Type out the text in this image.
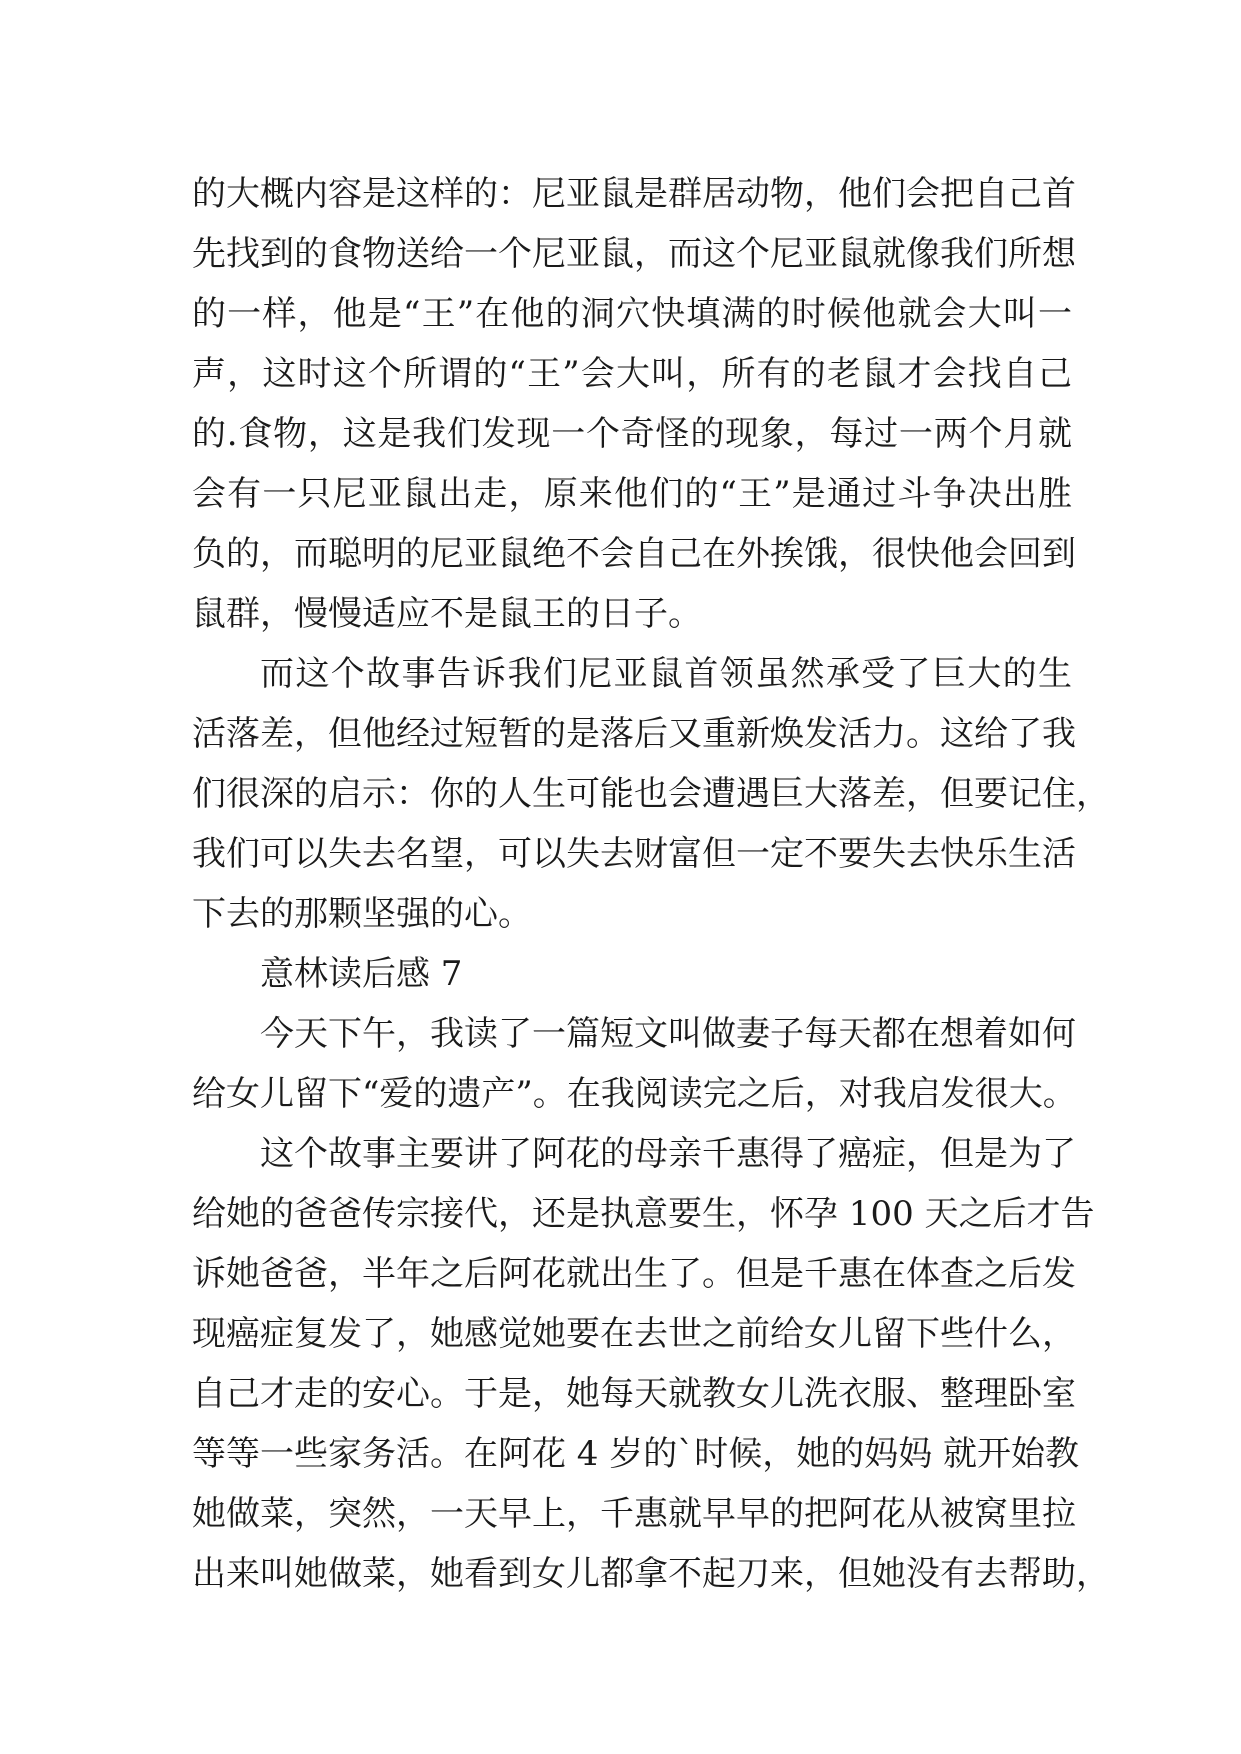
的大概内容是这样的：尼亚鼠是群居动物，他们会把自己首
先找到的食物送给一个尼亚鼠，而这个尼亚鼠就像我们所想
的一样，他是“王”在他的洞穴快填满的时候他就会大叫一
声，这时这个所谓的“王”会大叫，所有的老鼠才会找自己
的.食物，这是我们发现一个奇怪的现象，每过一两个月就
会有一只尼亚鼠出走，原来他们的“王”是通过斗争决出胜
负的，而聪明的尼亚鼠绝不会自己在外挨饿，很快他会回到
鼠群，慢慢适应不是鼠王的日子。
而这个故事告诉我们尼亚鼠首领虽然承受了巨大的生
活落差，但他经过短暂的是落后又重新焕发活力。这给了我
们很深的启示：你的人生可能也会遭遇巨大落差，但要记住，
我们可以失去名望，可以失去财富但一定不要失去快乐生活
下去的那颗坚强的心。
意林读后感 7
今天下午，我读了一篇短文叫做妻子每天都在想着如何
给女儿留下“爱的遗产”。在我阅读完之后，对我启发很大。
这个故事主要讲了阿花的母亲千惠得了癌症，但是为了
给她的爸爸传宗接代，还是执意要生，怀孕 100 天之后才告
诉她爸爸，半年之后阿花就出生了。但是千惠在体查之后发
现癌症复发了，她感觉她要在去世之前给女儿留下些什么，
自己才走的安心。于是，她每天就教女儿洗衣服、整理卧室
等等一些家务活。在阿花 4 岁的`时候，她的妈妈 就开始教
她做菜，突然，一天早上，千惠就早早的把阿花从被窝里拉
出来叫她做菜，她看到女儿都拿不起刀来，但她没有去帮助，
